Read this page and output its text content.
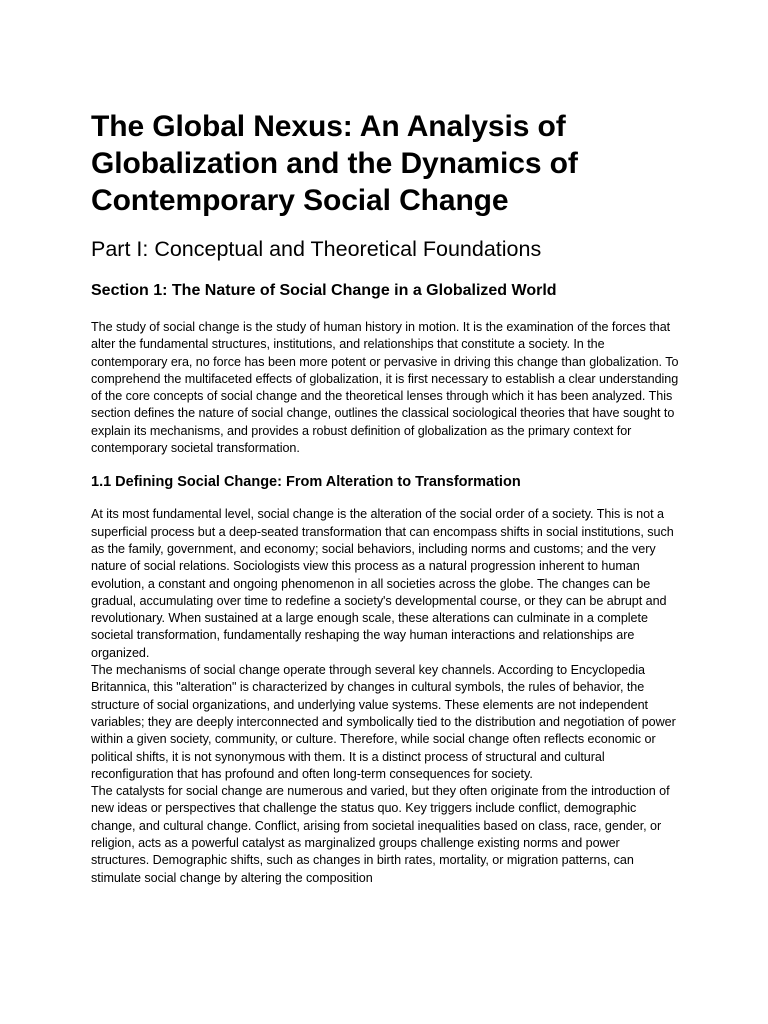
The Global Nexus: An Analysis of Globalization and the Dynamics of Contemporary Social Change
Part I: Conceptual and Theoretical Foundations
Section 1: The Nature of Social Change in a Globalized World

The study of social change is the study of human history in motion. It is the examination of the forces that alter the fundamental structures, institutions, and relationships that constitute a society. In the contemporary era, no force has been more potent or pervasive in driving this change than globalization. To comprehend the multifaceted effects of globalization, it is first necessary to establish a clear understanding of the core concepts of social change and the theoretical lenses through which it has been analyzed. This section defines the nature of social change, outlines the classical sociological theories that have sought to explain its mechanisms, and provides a robust definition of globalization as the primary context for contemporary societal transformation.

1.1 Defining Social Change: From Alteration to Transformation

At its most fundamental level, social change is the alteration of the social order of a society. This is not a superficial process but a deep-seated transformation that can encompass shifts in social institutions, such as the family, government, and economy; social behaviors, including norms and customs; and the very nature of social relations. Sociologists view this process as a natural progression inherent to human evolution, a constant and ongoing phenomenon in all societies across the globe. The changes can be gradual, accumulating over time to redefine a society's developmental course, or they can be abrupt and revolutionary. When sustained at a large enough scale, these alterations can culminate in a complete societal transformation, fundamentally reshaping the way human interactions and relationships are organized.

The mechanisms of social change operate through several key channels. According to Encyclopedia Britannica, this "alteration" is characterized by changes in cultural symbols, the rules of behavior, the structure of social organizations, and underlying value systems. These elements are not independent variables; they are deeply interconnected and symbolically tied to the distribution and negotiation of power within a given society, community, or culture. Therefore, while social change often reflects economic or political shifts, it is not synonymous with them. It is a distinct process of structural and cultural reconfiguration that has profound and often long-term consequences for society.

The catalysts for social change are numerous and varied, but they often originate from the introduction of new ideas or perspectives that challenge the status quo. Key triggers include conflict, demographic change, and cultural change. Conflict, arising from societal inequalities based on class, race, gender, or religion, acts as a powerful catalyst as marginalized groups challenge existing norms and power structures. Demographic shifts, such as changes in birth rates, mortality, or migration patterns, can stimulate social change by altering the composition
